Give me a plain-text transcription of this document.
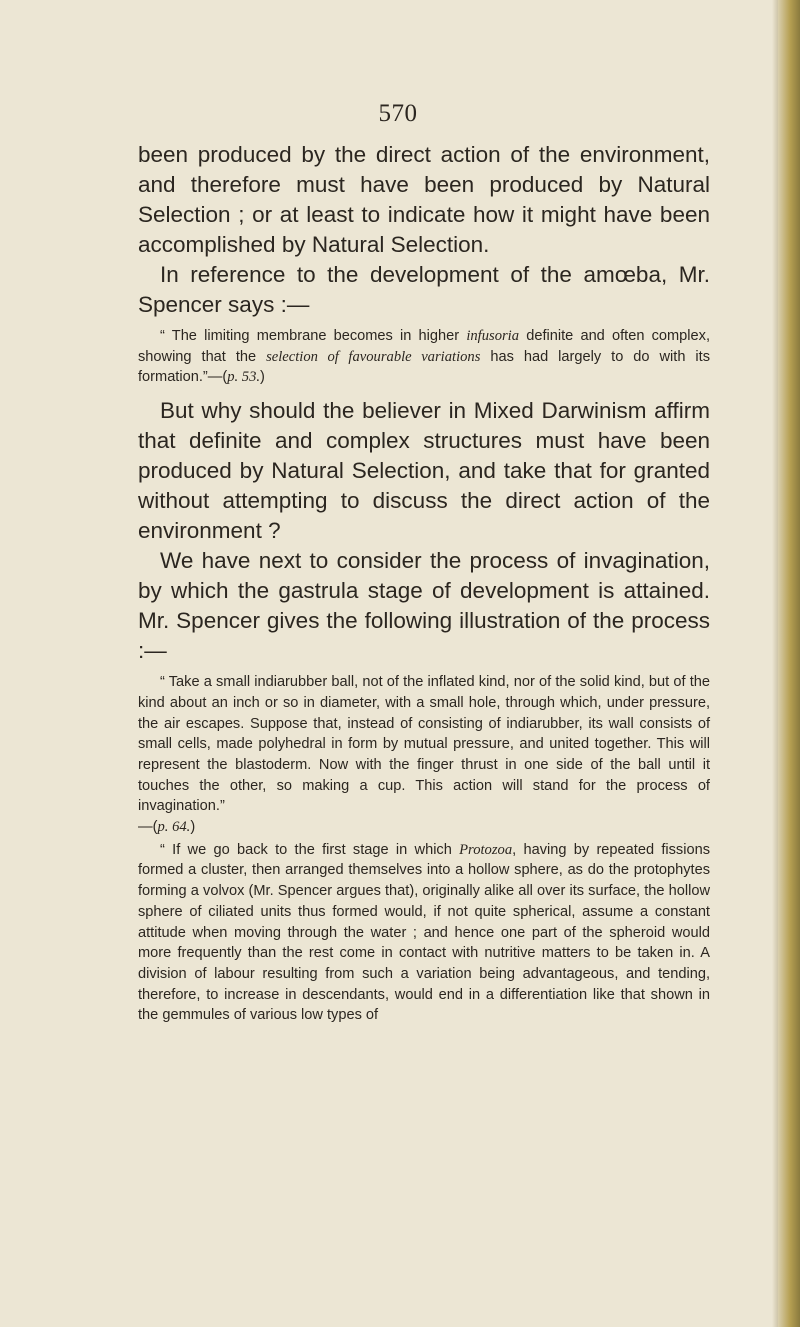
570

been produced by the direct action of the environment, and therefore must have been produced by Natural Selection ; or at least to indicate how it might have been accomplished by Natural Selection.

In reference to the development of the amœba, Mr. Spencer says :—

“ The limiting membrane becomes in higher infusoria definite and often complex, showing that the selection of favourable variations has had largely to do with its formation.”—(p. 53.)

But why should the believer in Mixed Darwinism affirm that definite and complex structures must have been produced by Natural Selection, and take that for granted without attempting to discuss the direct action of the environment ?

We have next to consider the process of invagination, by which the gastrula stage of development is attained. Mr. Spencer gives the following illustration of the process :—

“ Take a small indiarubber ball, not of the inflated kind, nor of the solid kind, but of the kind about an inch or so in diameter, with a small hole, through which, under pressure, the air escapes. Suppose that, instead of consisting of indiarubber, its wall consists of small cells, made polyhedral in form by mutual pressure, and united together. This will represent the blastoderm. Now with the finger thrust in one side of the ball until it touches the other, so making a cup. This action will stand for the process of invagination.”
—(p. 64.)

“ If we go back to the first stage in which Protozoa, having by repeated fissions formed a cluster, then arranged themselves into a hollow sphere, as do the protophytes forming a volvox (Mr. Spencer argues that), originally alike all over its surface, the hollow sphere of ciliated units thus formed would, if not quite spherical, assume a constant attitude when moving through the water ; and hence one part of the spheroid would more frequently than the rest come in contact with nutritive matters to be taken in. A division of labour resulting from such a variation being advantageous, and tending, therefore, to increase in descendants, would end in a differentiation like that shown in the gemmules of various low types of
